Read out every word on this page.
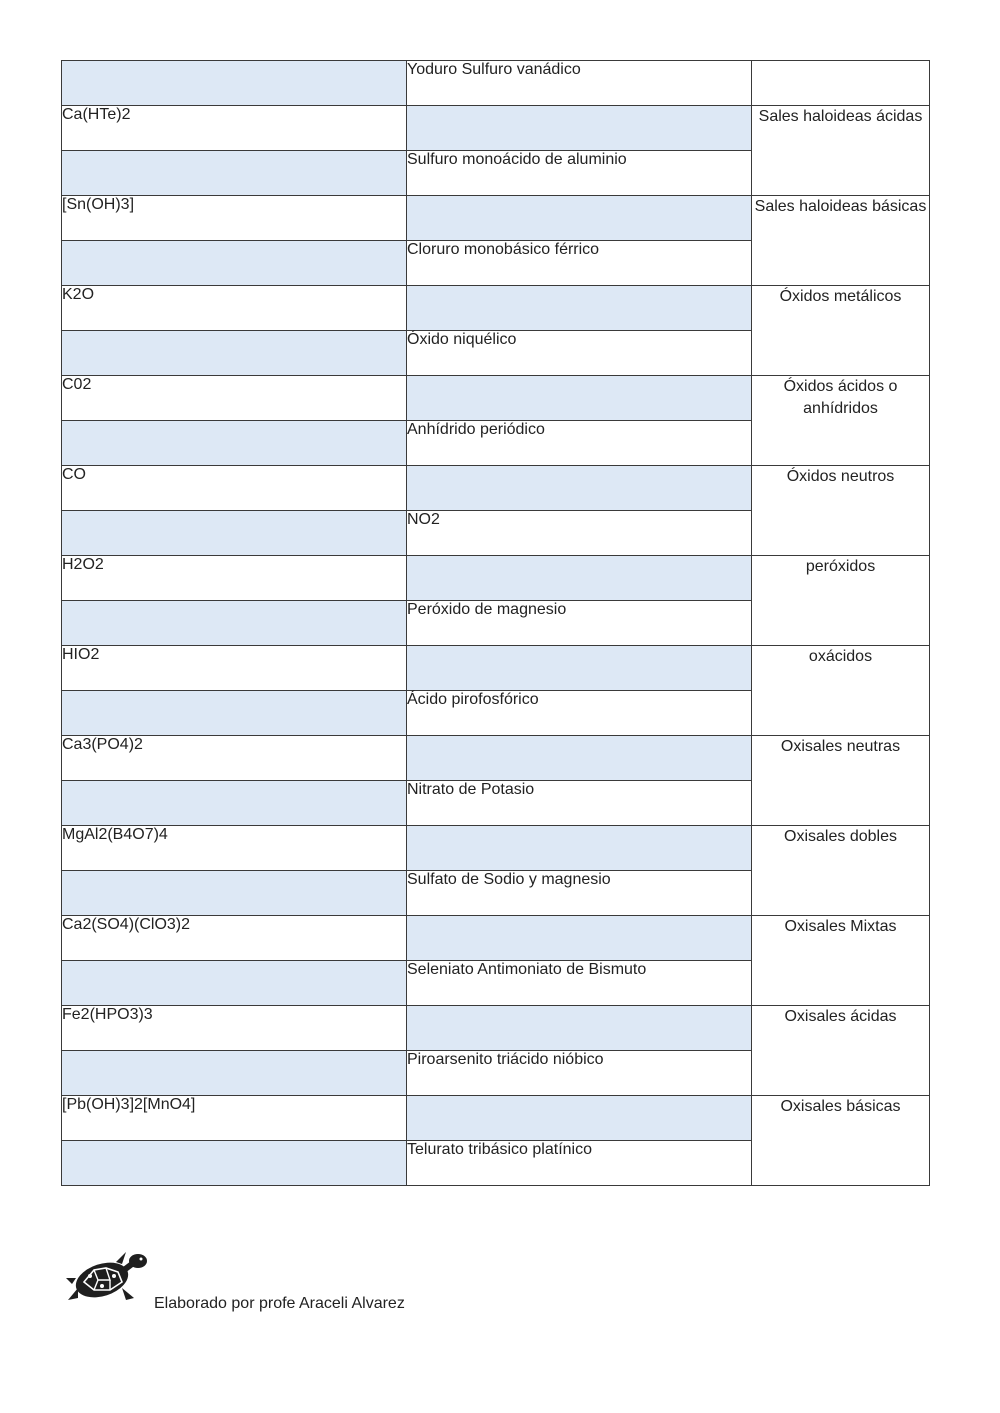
	Yoduro Sulfuro vanádico	
Ca(HTe)2		Sales haloideas ácidas
	Sulfuro monoácido de aluminio	
[Sn(OH)3]		Sales haloideas básicas
	Cloruro monobásico férrico	
K2O		Óxidos metálicos
	Óxido niquélico	
C02		Óxidos ácidos o anhídridos
	Anhídrido periódico	
CO		Óxidos neutros
	NO2	
H2O2		peróxidos
	Peróxido de magnesio	
HIO2		oxácidos
	Ácido pirofosfórico	
Ca3(PO4)2		Oxisales neutras
	Nitrato de Potasio	
MgAl2(B4O7)4		Oxisales dobles
	Sulfato de Sodio y magnesio	
Ca2(SO4)(ClO3)2		Oxisales Mixtas
	Seleniato Antimoniato de Bismuto	
Fe2(HPO3)3		Oxisales ácidas
	Piroarsenito triácido nióbico	
[Pb(OH)3]2[MnO4]		Oxisales básicas
	Telurato tribásico platínico	
Elaborado por profe Araceli Alvarez
